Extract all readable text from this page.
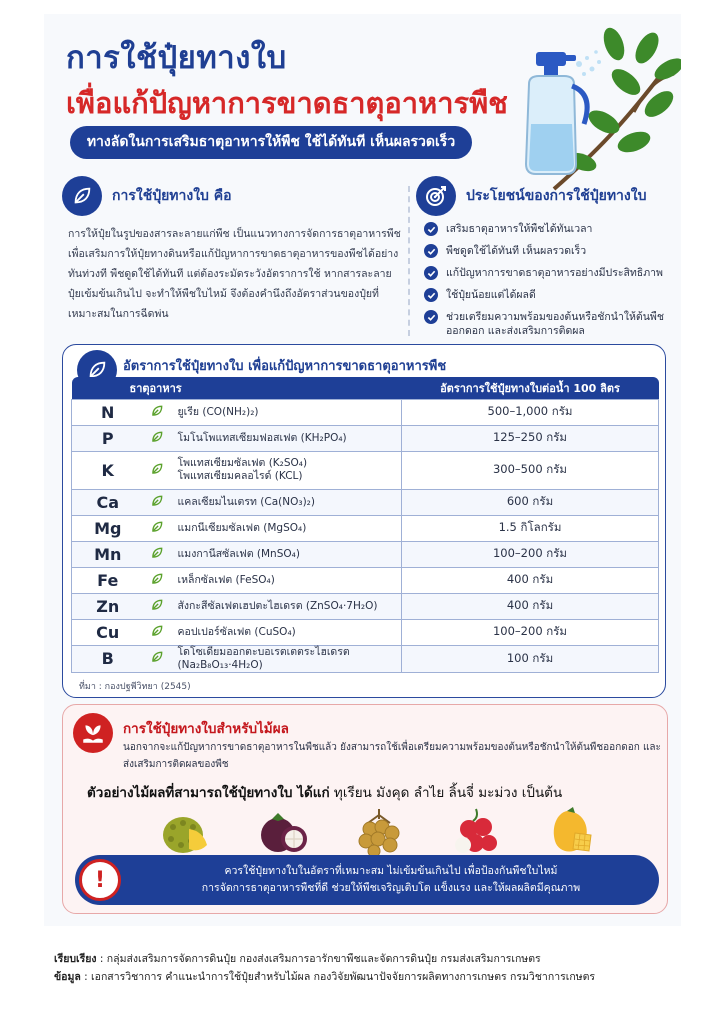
การใช้ปุ๋ยทางใบ
เพื่อแก้ปัญหาการขาดธาตุอาหารพืช
ทางลัดในการเสริมธาตุอาหารให้พืช ใช้ได้ทันที เห็นผลรวดเร็ว
การใช้ปุ๋ยทางใบ คือ

การให้ปุ๋ยในรูปของสารละลายแก่พืช เป็นแนวทางการจัดการธาตุอาหารพืช เพื่อเสริมการให้ปุ๋ยทางดินหรือแก้ปัญหาการขาดธาตุอาหารของพืชได้อย่างทันท่วงที พืชดูดใช้ได้ทันที แต่ต้องระมัดระวังอัตราการใช้ หากสารละลายปุ๋ยเข้มข้นเกินไป จะทำให้พืชใบไหม้ จึงต้องคำนึงถึงอัตราส่วนของปุ๋ยที่เหมาะสมในการฉีดพ่น

ประโยชน์ของการใช้ปุ๋ยทางใบ
เสริมธาตุอาหารให้พืชได้ทันเวลา
พืชดูดใช้ได้ทันที เห็นผลรวดเร็ว
แก้ปัญหาการขาดธาตุอาหารอย่างมีประสิทธิภาพ
ใช้ปุ๋ยน้อยแต่ได้ผลดี
ช่วยเตรียมความพร้อมของต้นหรือชักนำให้ต้นพืชออกดอก และส่งเสริมการติดผล
อัตราการใช้ปุ๋ยทางใบ เพื่อแก้ปัญหาการขาดธาตุอาหารพืช
ธาตุอาหาร			อัตราการใช้ปุ๋ยทางใบต่อน้ำ 100 ลิตร
N		ยูเรีย (CO(NH₂)₂)	500–1,000 กรัม
P		โมโนโพแทสเซียมฟอสเฟต (KH₂PO₄)	125–250 กรัม
K		โพแทสเซียมซัลเฟต (K₂SO₄)
โพแทสเซียมคลอไรด์ (KCL)	300–500 กรัม
Ca		แคลเซียมไนเตรท (Ca(NO₃)₂)	600 กรัม
Mg		แมกนีเซียมซัลเฟต (MgSO₄)	1.5 กิโลกรัม
Mn		แมงกานีสซัลเฟต (MnSO₄)	100–200 กรัม
Fe		เหล็กซัลเฟต (FeSO₄)	400 กรัม
Zn		สังกะสีซัลเฟตเฮปตะไฮเดรต (ZnSO₄·7H₂O)	400 กรัม
Cu		คอปเปอร์ซัลเฟต (CuSO₄)	100–200 กรัม
B		โดโซเดียมออกตะบอเรตเตตระไฮเดรต (Na₂B₈O₁₃·4H₂O)	100 กรัม
ที่มา : กองปฐพีวิทยา (2545)
การใช้ปุ๋ยทางใบสำหรับไม้ผล

นอกจากจะแก้ปัญหาการขาดธาตุอาหารในพืชแล้ว ยังสามารถใช้เพื่อเตรียมความพร้อมของต้นหรือชักนำให้ต้นพืชออกดอก และส่งเสริมการติดผลของพืช

ตัวอย่างไม้ผลที่สามารถใช้ปุ๋ยทางใบ ได้แก่ ทุเรียน มังคุด ลำไย ลิ้นจี่ มะม่วง เป็นต้น
!	ควรใช้ปุ๋ยทางใบในอัตราที่เหมาะสม ไม่เข้มข้นเกินไป เพื่อป้องกันพืชใบไหม้
การจัดการธาตุอาหารพืชที่ดี ช่วยให้พืชเจริญเติบโต แข็งแรง และให้ผลผลิตมีคุณภาพ
เรียบเรียง : กลุ่มส่งเสริมการจัดการดินปุ๋ย กองส่งเสริมการอารักขาพืชและจัดการดินปุ๋ย กรมส่งเสริมการเกษตร
ข้อมูล : เอกสารวิชาการ คำแนะนำการใช้ปุ๋ยสำหรับไม้ผล กองวิจัยพัฒนาปัจจัยการผลิตทางการเกษตร กรมวิชาการเกษตร
